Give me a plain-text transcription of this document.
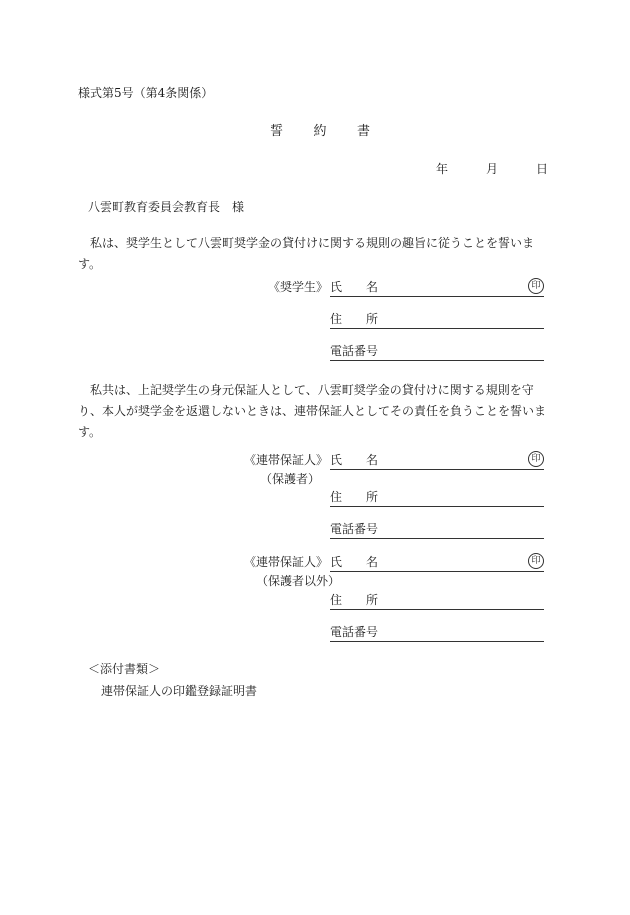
様式第5号（第4条関係）
誓 約 書
年	月	日
八雲町教育委員会教育長　様
私は、奨学生として八雲町奨学金の貸付けに関する規則の趣旨に従うことを誓います。
《奨学生》 氏　　名	印
住　　所
電話番号
私共は、上記奨学生の身元保証人として、八雲町奨学金の貸付けに関する規則を守り、本人が奨学金を返還しないときは、連帯保証人としてその責任を負うことを誓います。
《連帯保証人》
（保護者）
氏　　名	印
住　　所
電話番号
《連帯保証人》
（保護者以外）
氏　　名	印
住　　所
電話番号
＜添付書類＞
連帯保証人の印鑑登録証明書
